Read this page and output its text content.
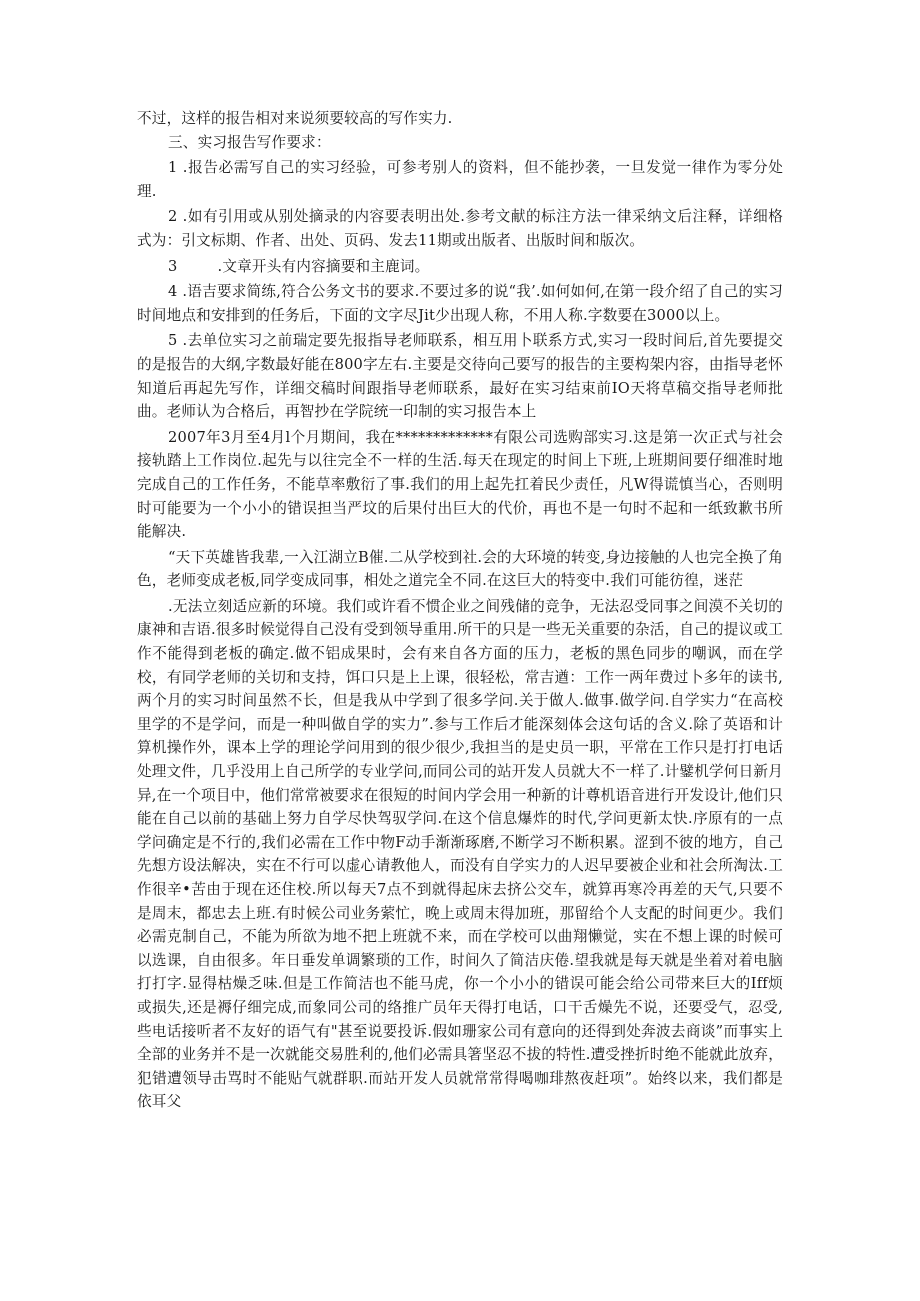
不过，这样的报告相对来说须要较高的写作实力.

三、实习报告写作要求：

1 .报告必需写自己的实习经验，可参考别人的资料，但不能抄袭，一旦发觉一律作为零分处理.

2 .如有引用或从别处摘录的内容要表明出处.参考文献的标注方法一律采纳文后注释，详细格式为：引文标期、作者、出处、页码、发去11期或出版者、出版时间和版次。

3	.文章开头有内容摘要和主鹿词。

4 .语吉要求简练,符合公务文书的要求.不要过多的说“我’.如何如何,在第一段介绍了自己的实习时间地点和安排到的任务后，下面的文字尽Jit少出现人称，不用人称.字数要在3000以上。

5 .去单位实习之前瑞定要先报指导老师联系，相互用卜联系方式,实习一段时间后,首先要提交的是报告的大纲,字数最好能在800字左右.主要是交待向己要写的报告的主要构架内容，由指导老怀知道后再起先写作，详细交稿时间跟指导老师联系，最好在实习结束前IO天将草稿交指导老师批曲。老师认为合格后，再智抄在学院统一印制的实习报告本上

2007年3月至4月l个月期间，我在*************有限公司选购部实习.这是第一次正式与社会接轨踏上工作岗位.起先与以往完全不一样的生活.每天在现定的时间上下班,上班期间要仔细准时地完成自己的工作任务，不能草率敷衍了事.我们的用上起先扛着民少责任，凡W得谎慎当心，否则明时可能要为一个小小的错误担当严坟的后果付出巨大的代价，再也不是一句时不起和一纸致歉书所能解决.

“天下英雄皆我辈,一入江湖立B催.二从学校到社.会的大环境的转变,身边接触的人也完全换了角色，老师变成老板,同学变成同事，相处之道完全不同.在这巨大的特变中.我们可能彷徨，迷茫

.无法立刻适应新的环境。我们或许看不惯企业之间残储的竞争，无法忍受同事之间漠不关切的康神和吉语.很多时候觉得自己没有受到领导重用.所干的只是一些无关重要的杂活，自己的提议或工作不能得到老板的确定.做不铝成果时，会有来自各方面的压力，老板的黑色同步的嘲讽，而在学校，有同学老师的关切和支持，饵口只是上上课，很轻松，常吉遒：工作一两年费过卜多年的读书,两个月的实习时间虽然不长，但是我从中学到了很多学问.关于做人.做事.做学问.自学实力“在高校里学的不是学问，而是一种叫做自学的实力”.参与工作后才能深刻体会这句话的含义.除了英语和计算机操作外，课本上学的理论学问用到的很少很少,我担当的是史员一职，平常在工作只是打打电话处理文件，几乎没用上自己所学的专业学问,而同公司的站开发人员就大不一样了.计鐾机学何日新月异,在一个项目中，他们常常被要求在很短的时间内学会用一种新的计尊机语音进行开发设计,他们只能在自己以前的基础上努力自学尽快驾驭学问.在这个信息爆炸的时代,学问更新太快.序原有的一点学问确定是不行的,我们必需在工作中物F动手渐渐琢磨,不断学习不断积累。涩到不彼的地方，自己先想方设法解决，实在不行可以虚心请教他人，而没有自学实力的人迟早要被企业和社会所淘汰.工作很辛•苦由于现在还住校.所以每天7点不到就得起床去挤公交车，就算再寒冷再差的天气,只要不是周末，都忠去上班.有时候公司业务萦忙，晚上或周末得加班，那留给个人支配的时间更少。我们必需克制自己，不能为所欲为地不把上班就不来，而在学校可以曲翔懒觉，实在不想上课的时候可以选课，自由很多。年日垂发单调繁琐的工作，时间久了简洁庆倦.望我就是每天就是坐着对着电脑打打字.显得枯燥乏味.但是工作简洁也不能马虎，你一个小小的错误可能会给公司带来巨大的Iff烦或损失,还是褥仔细完成,而象同公司的络推广员年天得打电话，口干舌燥先不说，还要受气，忍受,些电话接听者不友好的语气有"甚至说要投诉.假如珊家公司有意向的还得到处奔波去商谈”而事实上全部的业务并不是一次就能交易胜利的,他们必需具箸坚忍不拔的特性.遭受挫折时绝不能就此放弃，犯错遭领导击骂时不能贴气就群职.而站开发人员就常常得喝咖琲熬夜赶项”。始终以来，我们都是依耳父
